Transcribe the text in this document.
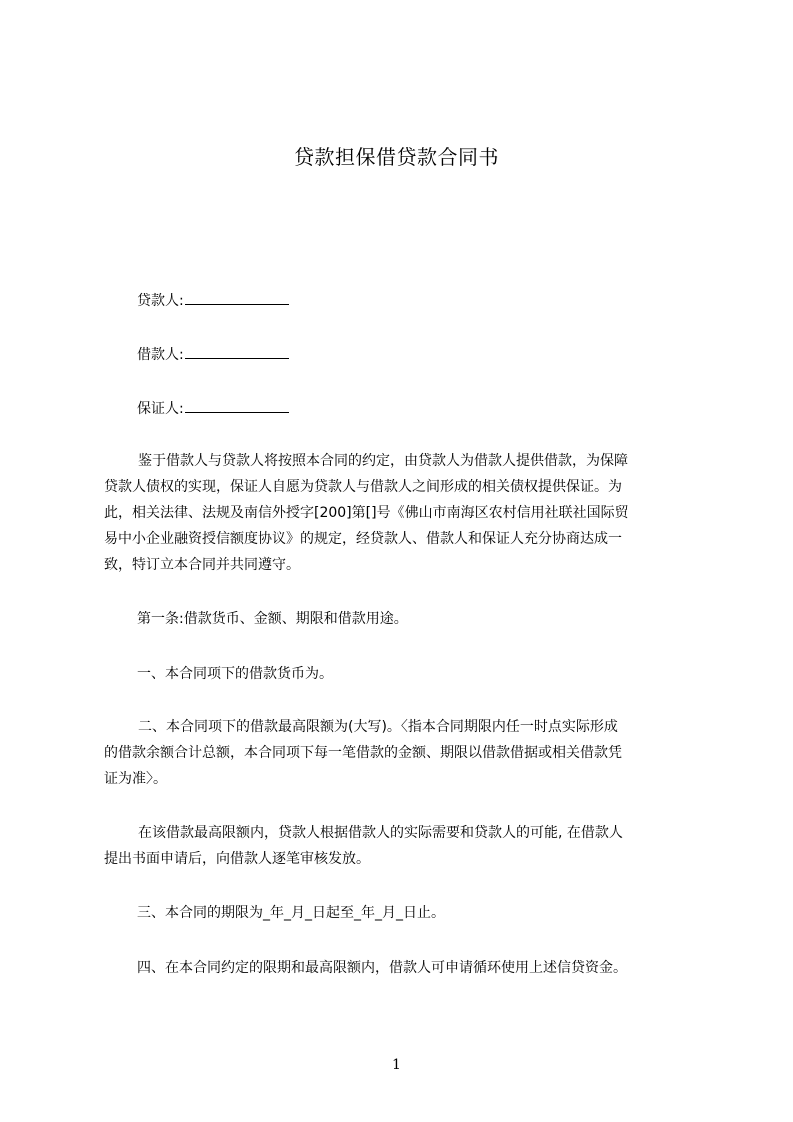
贷款担保借贷款合同书
贷款人:
借款人:
保证人:
鉴于借款人与贷款人将按照本合同的约定，由贷款人为借款人提供借款，为保障
贷款人债权的实现，保证人自愿为贷款人与借款人之间形成的相关债权提供保证。为
此，相关法律、法规及南信外授字[200]第[]号《佛山市南海区农村信用社联社国际贸
易中小企业融资授信额度协议》的规定，经贷款人、借款人和保证人充分协商达成一
致，特订立本合同并共同遵守。
第一条:借款货币、金额、期限和借款用途。
一、本合同项下的借款货币为。
二、本合同项下的借款最高限额为(大写)。〈指本合同期限内任一时点实际形成
的借款余额合计总额，本合同项下每一笔借款的金额、期限以借款借据或相关借款凭
证为准〉。
在该借款最高限额内，贷款人根据借款人的实际需要和贷款人的可能, 在借款人
提出书面申请后，向借款人逐笔审核发放。
三、本合同的期限为_年_月_日起至_年_月_日止。
四、在本合同约定的限期和最高限额内，借款人可申请循环使用上述信贷资金。
1
